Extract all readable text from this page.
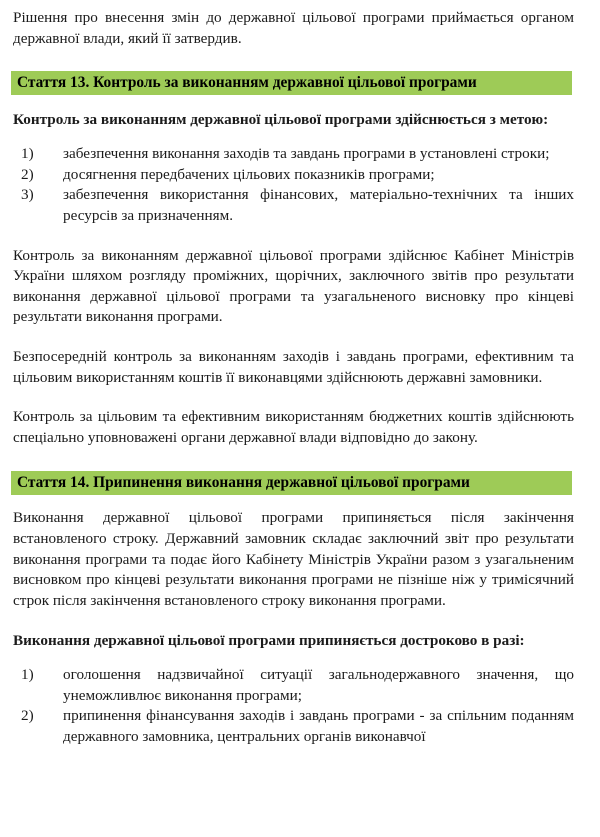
Рішення про внесення змін до державної цільової програми приймається органом державної влади, який її затвердив.

Стаття 13. Контроль за виконанням державної цільової програми

Контроль за виконанням державної цільової програми здійснюється з метою:

1)	забезпечення виконання заходів та завдань програми в установлені строки;
2)	досягнення передбачених цільових показників програми;
3)	забезпечення використання фінансових, матеріально-технічних та інших ресурсів за призначенням.

Контроль за виконанням державної цільової програми здійснює Кабінет Міністрів України шляхом розгляду проміжних, щорічних, заключного звітів про результати виконання державної цільової програми та узагальненого висновку про кінцеві результати виконання програми.

Безпосередній контроль за виконанням заходів і завдань програми, ефективним та цільовим використанням коштів її виконавцями здійснюють державні замовники.

Контроль за цільовим та ефективним використанням бюджетних коштів здійснюють спеціально уповноважені органи державної влади відповідно до закону.

Стаття 14. Припинення виконання державної цільової програми

Виконання державної цільової програми припиняється після закінчення встановленого строку. Державний замовник складає заключний звіт про результати виконання програми та подає його Кабінету Міністрів України разом з узагальненим висновком про кінцеві результати виконання програми не пізніше ніж у тримісячний строк після закінчення встановленого строку виконання програми.

Виконання державної цільової програми припиняється достроково в разі:

1)	оголошення надзвичайної ситуації загальнодержавного значення, що унеможливлює виконання програми;
2)	припинення фінансування заходів і завдань програми - за спільним поданням державного замовника, центральних органів виконавчої
